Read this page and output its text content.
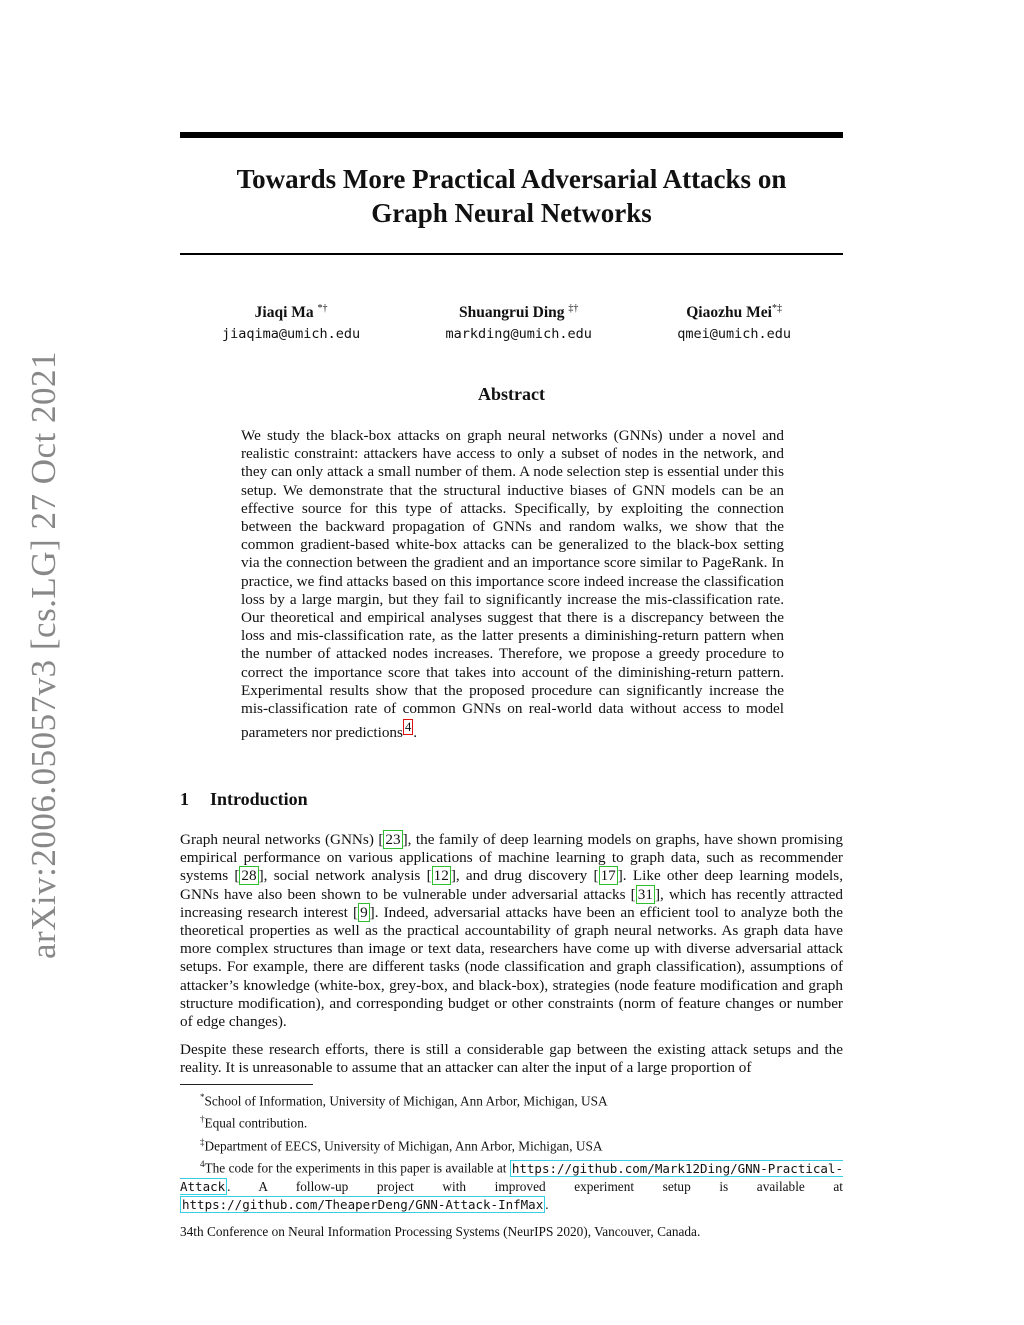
arXiv:2006.05057v3 [cs.LG] 27 Oct 2021
Towards More Practical Adversarial Attacks on
Graph Neural Networks
Jiaqi Ma *†
jiaqima@umich.edu
Shuangrui Ding ‡†
markding@umich.edu
Qiaozhu Mei*‡
qmei@umich.edu
Abstract
We study the black-box attacks on graph neural networks (GNNs) under a novel and realistic constraint: attackers have access to only a subset of nodes in the network, and they can only attack a small number of them. A node selection step is essential under this setup. We demonstrate that the structural inductive biases of GNN models can be an effective source for this type of attacks. Specifically, by exploiting the connection between the backward propagation of GNNs and random walks, we show that the common gradient-based white-box attacks can be generalized to the black-box setting via the connection between the gradient and an importance score similar to PageRank. In practice, we find attacks based on this importance score indeed increase the classification loss by a large margin, but they fail to significantly increase the mis-classification rate. Our theoretical and empirical analyses suggest that there is a discrepancy between the loss and mis-classification rate, as the latter presents a diminishing-return pattern when the number of attacked nodes increases. Therefore, we propose a greedy procedure to correct the importance score that takes into account of the diminishing-return pattern. Experimental results show that the proposed procedure can significantly increase the mis-classification rate of common GNNs on real-world data without access to model parameters nor predictions $^4$ .
1 Introduction
Graph neural networks (GNNs) [ 23 ], the family of deep learning models on graphs, have shown promising empirical performance on various applications of machine learning to graph data, such as recommender systems [ 28 ], social network analysis [ 12 ], and drug discovery [ 17 ]. Like other deep learning models, GNNs have also been shown to be vulnerable under adversarial attacks [ 31 ], which has recently attracted increasing research interest [ 9 ]. Indeed, adversarial attacks have been an efficient tool to analyze both the theoretical properties as well as the practical accountability of graph neural networks. As graph data have more complex structures than image or text data, researchers have come up with diverse adversarial attack setups. For example, there are different tasks (node classification and graph classification), assumptions of attacker’s knowledge (white-box, grey-box, and black-box), strategies (node feature modification and graph structure modification), and corresponding budget or other constraints (norm of feature changes or number of edge changes).
Despite these research efforts, there is still a considerable gap between the existing attack setups and the reality. It is unreasonable to assume that an attacker can alter the input of a large proportion of
*School of Information, University of Michigan, Ann Arbor, Michigan, USA
†Equal contribution.
‡Department of EECS, University of Michigan, Ann Arbor, Michigan, USA
$^4$The code for the experiments in this paper is available at https://github.com/Mark12Ding/GNN-Practical-Attack . A follow-up project with improved experiment setup is available at https://github.com/TheaperDeng/GNN-Attack-InfMax .
34th Conference on Neural Information Processing Systems (NeurIPS 2020), Vancouver, Canada.
